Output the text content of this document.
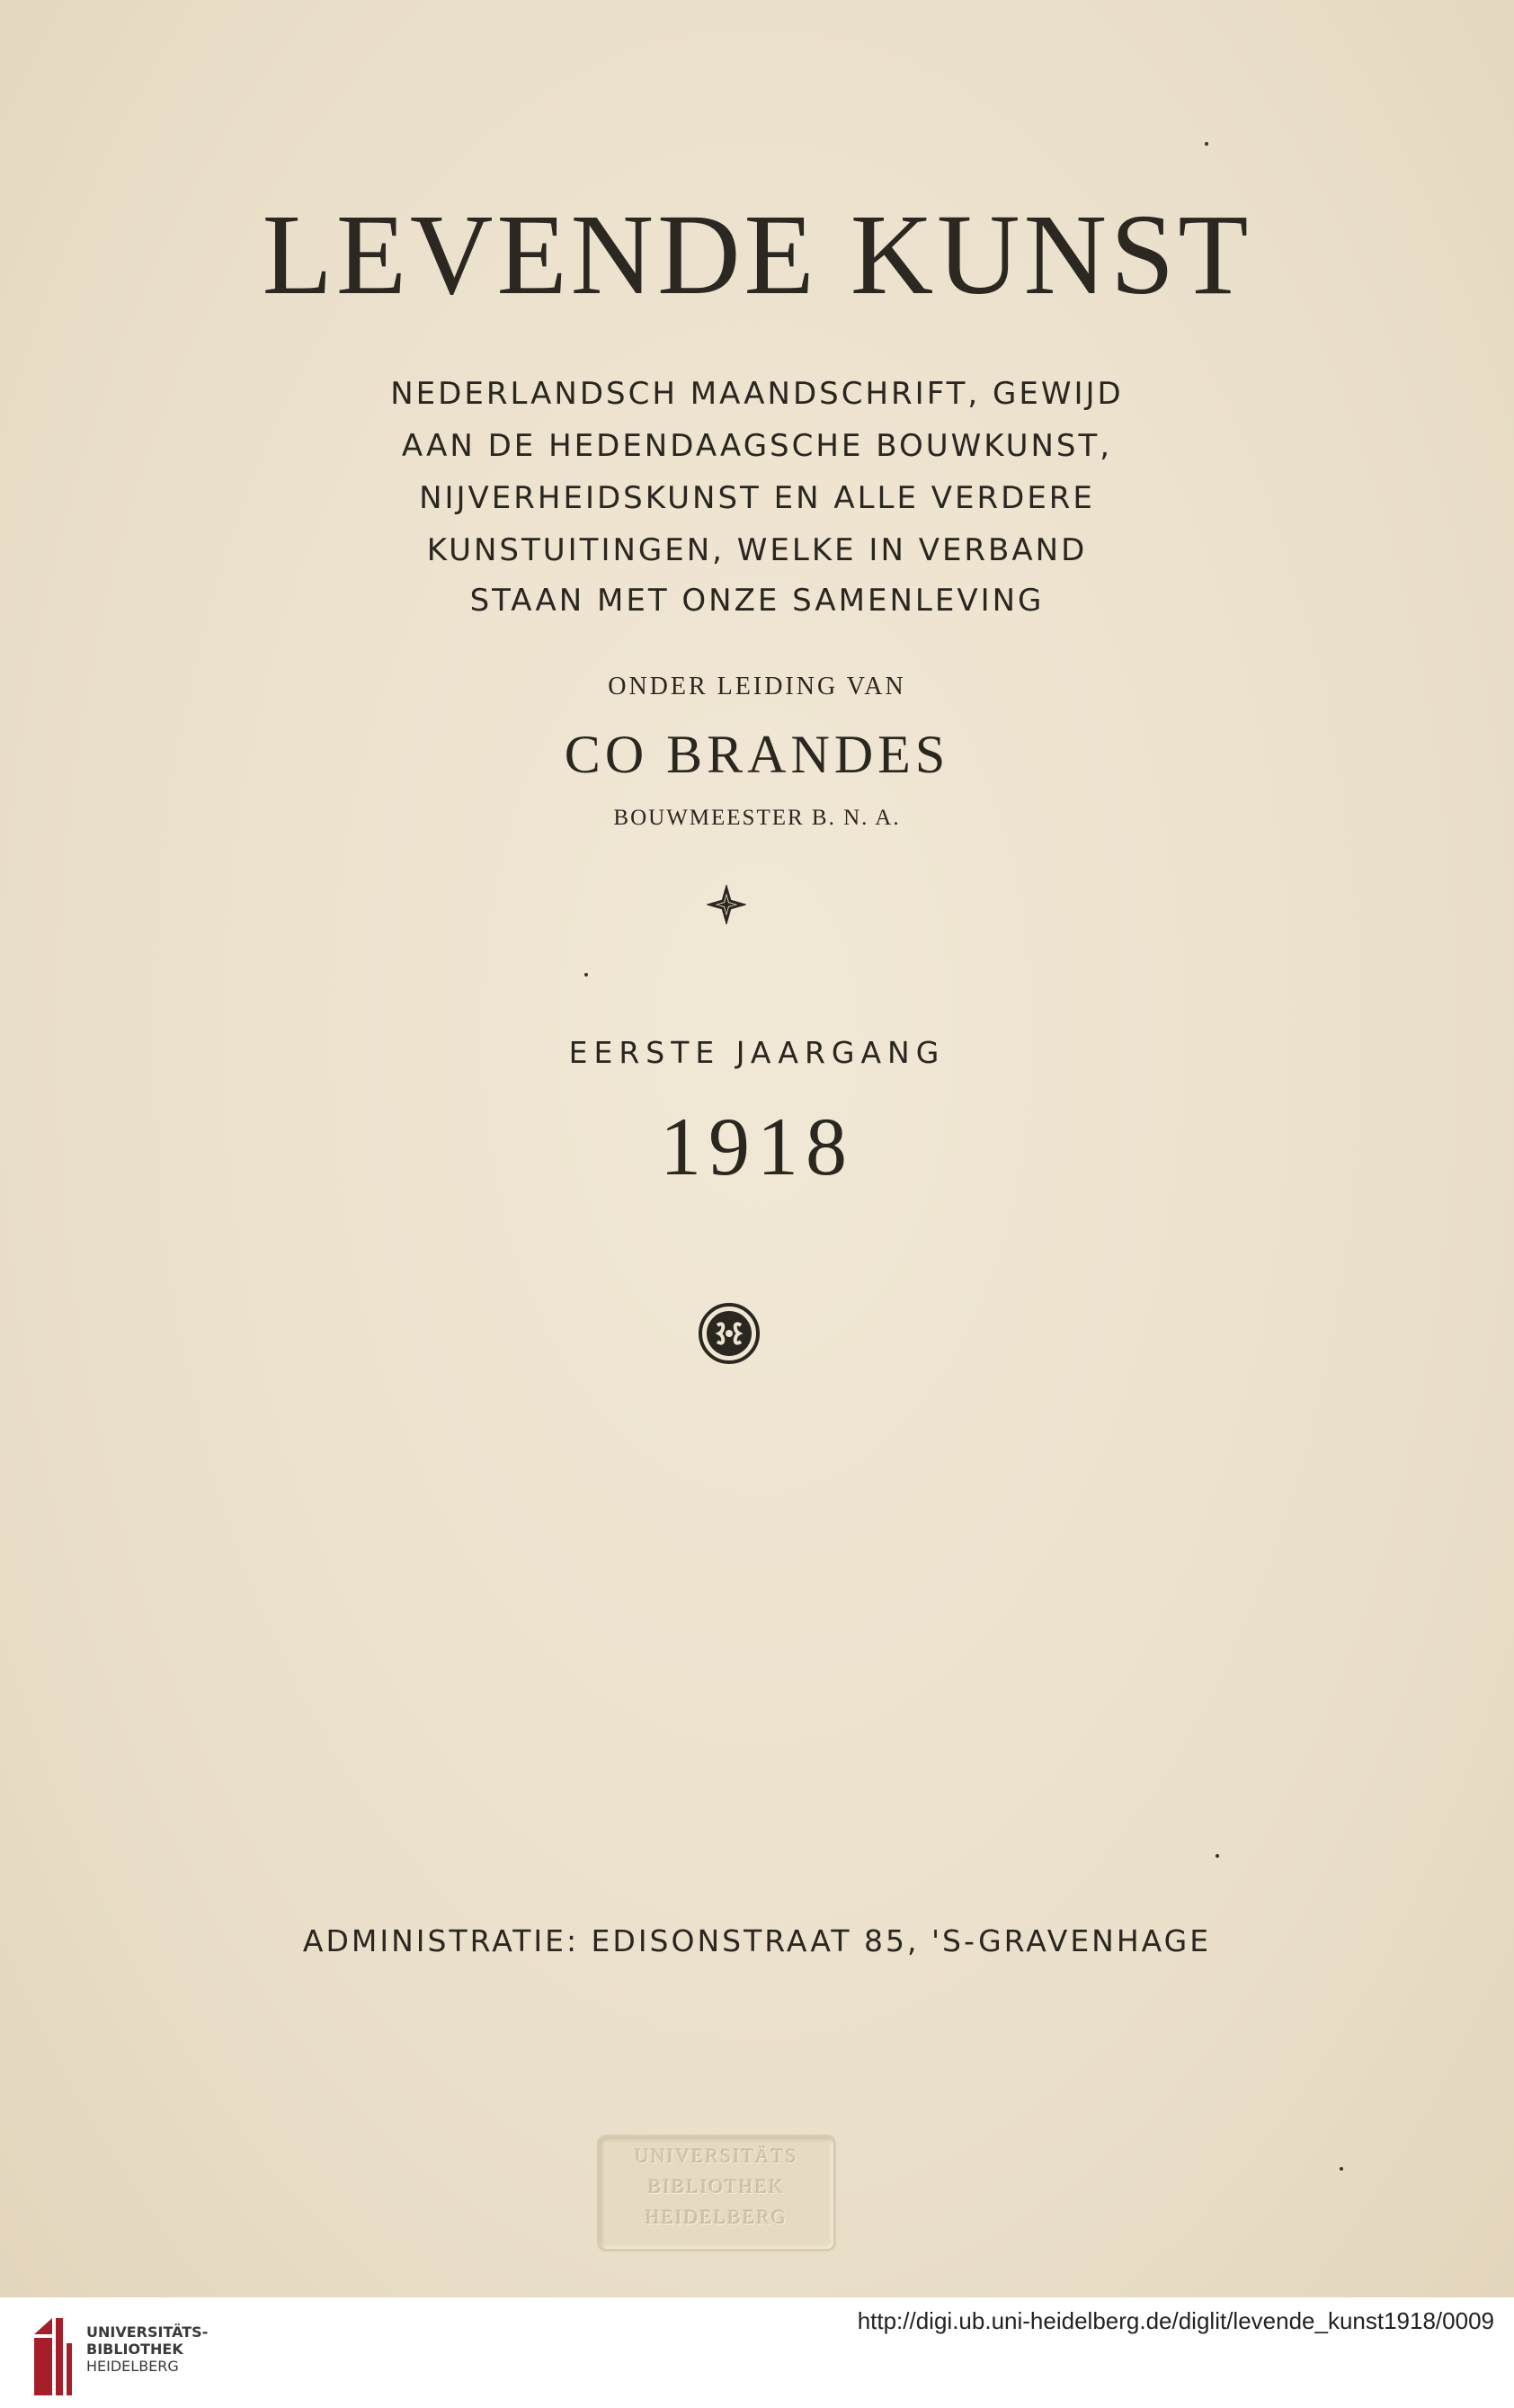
LEVENDE KUNST
NEDERLANDSCH MAANDSCHRIFT, GEWIJD
AAN DE HEDENDAAGSCHE BOUWKUNST,
NIJVERHEIDSKUNST EN ALLE VERDERE
KUNSTUITINGEN, WELKE IN VERBAND
STAAN MET ONZE SAMENLEVING
ONDER LEIDING VAN
CO BRANDES
BOUWMEESTER B. N. A.
EERSTE JAARGANG
1918
ADMINISTRATIE: EDISONSTRAAT 85, 'S-GRAVENHAGE
UNIVERSITÄTS
BIBLIOTHEK
HEIDELBERG
UNIVERSITÄTS-
BIBLIOTHEK
HEIDELBERG
http://digi.ub.uni-heidelberg.de/diglit/levende_kunst1918/0009
